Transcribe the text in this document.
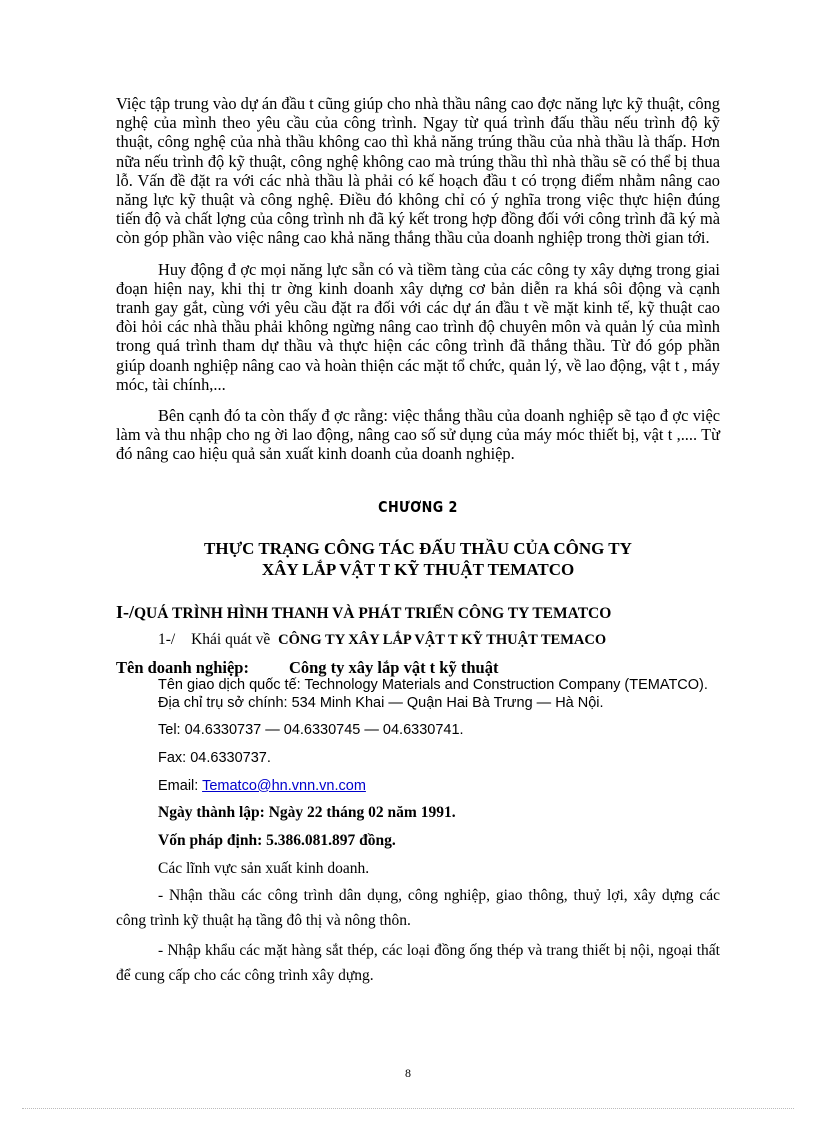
Việc tập trung vào dự án đầu t cũng giúp cho nhà thầu nâng cao đợc năng lực kỹ thuật, công nghệ của mình theo yêu cầu của công trình. Ngay từ quá trình đấu thầu nếu trình độ kỹ thuật, công nghệ của nhà thầu không cao thì khả năng trúng thầu của nhà thầu là thấp. Hơn nữa nếu trình độ kỹ thuật, công nghệ không cao mà trúng thầu thì nhà thầu sẽ có thể bị thua lỗ. Vấn đề đặt ra với các nhà thầu là phải có kế hoạch đầu t có trọng điểm nhằm nâng cao năng lực kỹ thuật và công nghệ. Điều đó không chỉ có ý nghĩa trong việc thực hiện đúng tiến độ và chất lợng của công trình nh đã ký kết trong hợp đồng đối với công trình đã ký mà còn góp phần vào việc nâng cao khả năng thắng thầu của doanh nghiệp trong thời gian tới.

Huy động đ ợc mọi năng lực sẵn có và tiềm tàng của các công ty xây dựng trong giai đoạn hiện nay, khi thị tr ờng kinh doanh xây dựng cơ bản diễn ra khá sôi động và cạnh tranh gay gắt, cùng với yêu cầu đặt ra đối với các dự án đầu t về mặt kinh tế, kỹ thuật cao đòi hỏi các nhà thầu phải không ngừng nâng cao trình độ chuyên môn và quản lý của mình trong quá trình tham dự thầu và thực hiện các công trình đã thắng thầu. Từ đó góp phần giúp doanh nghiệp nâng cao và hoàn thiện các mặt tổ chức, quản lý, về lao động, vật t , máy móc, tài chính,...

Bên cạnh đó ta còn thấy đ ợc rằng: việc thắng thầu của doanh nghiệp sẽ tạo đ ợc việc làm và thu nhập cho ng ời lao động, nâng cao số sử dụng của máy móc thiết bị, vật t ,.... Từ đó nâng cao hiệu quả sản xuất kinh doanh của doanh nghiệp.

CHƯƠNG 2
THỰC TRẠNG CÔNG TÁC ĐẤU THẦU CỦA CÔNG TY
XÂY LẮP VẬT T KỸ THUẬT TEMATCO
I-/QUÁ TRÌNH HÌNH THANH VÀ PHÁT TRIỂN CÔNG TY TEMATCO
1-/ Khái quát về CÔNG TY XÂY LẮP VẬT T KỸ THUẬT TEMACO
Tên doanh nghiệp: Công ty xây lắp vật t kỹ thuật

Tên giao dịch quốc tế: Technology Materials and Construction Company (TEMATCO).

Địa chỉ trụ sở chính: 534 Minh Khai — Quận Hai Bà Trưng — Hà Nội.

Tel: 04.6330737 — 04.6330745 — 04.6330741.

Fax: 04.6330737.

Email: Tematco@hn.vnn.vn.com

Ngày thành lập: Ngày 22 tháng 02 năm 1991.

Vốn pháp định: 5.386.081.897 đồng.

Các lĩnh vực sản xuất kinh doanh.

- Nhận thầu các công trình dân dụng, công nghiệp, giao thông, thuỷ lợi, xây dựng các công trình kỹ thuật hạ tầng đô thị và nông thôn.

- Nhập khẩu các mặt hàng sắt thép, các loại đồng ống thép và trang thiết bị nội, ngoại thất để cung cấp cho các công trình xây dựng.

8
